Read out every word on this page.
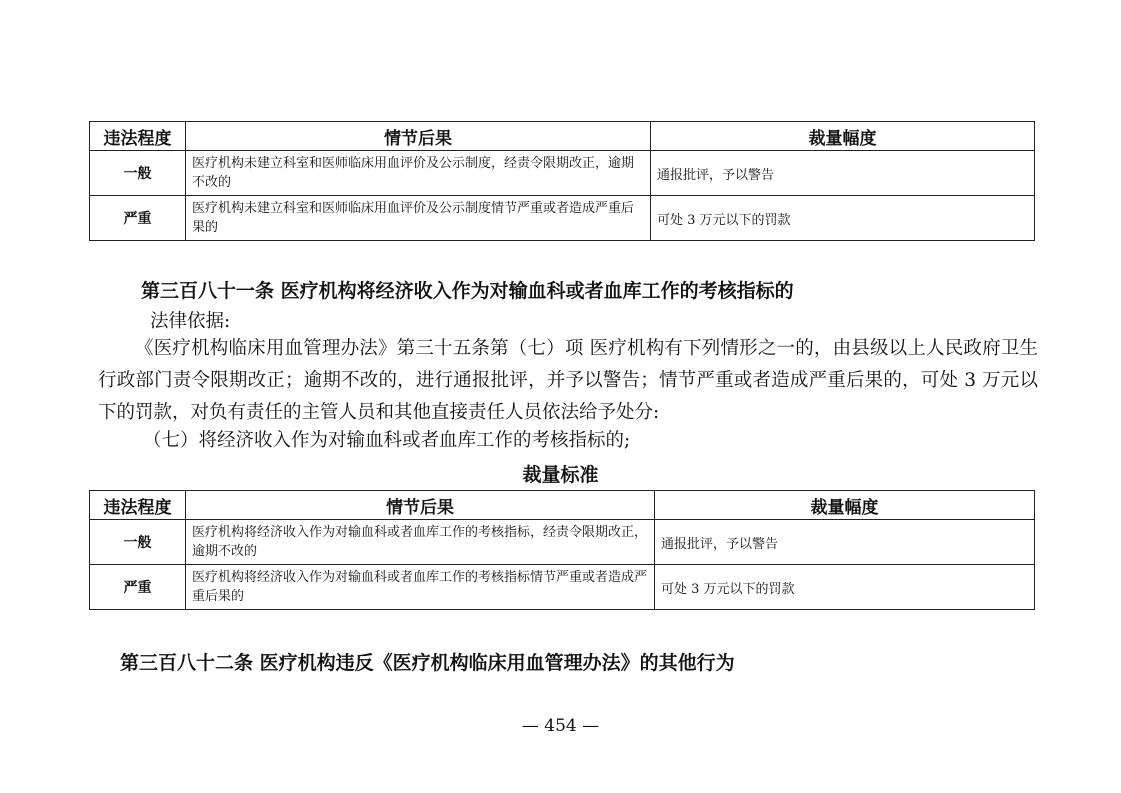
违法程度	情节后果	裁量幅度
一般	医疗机构未建立科室和医师临床用血评价及公示制度，经责令限期改正，逾期不改的	通报批评，予以警告
严重	医疗机构未建立科室和医师临床用血评价及公示制度情节严重或者造成严重后果的	可处 3 万元以下的罚款
第三百八十一条 医疗机构将经济收入作为对输血科或者血库工作的考核指标的
法律依据:
《医疗机构临床用血管理办法》第三十五条第（七）项 医疗机构有下列情形之一的，由县级以上人民政府卫生行政部门责令限期改正；逾期不改的，进行通报批评，并予以警告；情节严重或者造成严重后果的，可处 3 万元以下的罚款，对负有责任的主管人员和其他直接责任人员依法给予处分:
（七）将经济收入作为对输血科或者血库工作的考核指标的;
裁量标准
违法程度	情节后果	裁量幅度
一般	医疗机构将经济收入作为对输血科或者血库工作的考核指标，经责令限期改正，逾期不改的	通报批评，予以警告
严重	医疗机构将经济收入作为对输血科或者血库工作的考核指标情节严重或者造成严重后果的	可处 3 万元以下的罚款
第三百八十二条 医疗机构违反《医疗机构临床用血管理办法》的其他行为
— 454 —
